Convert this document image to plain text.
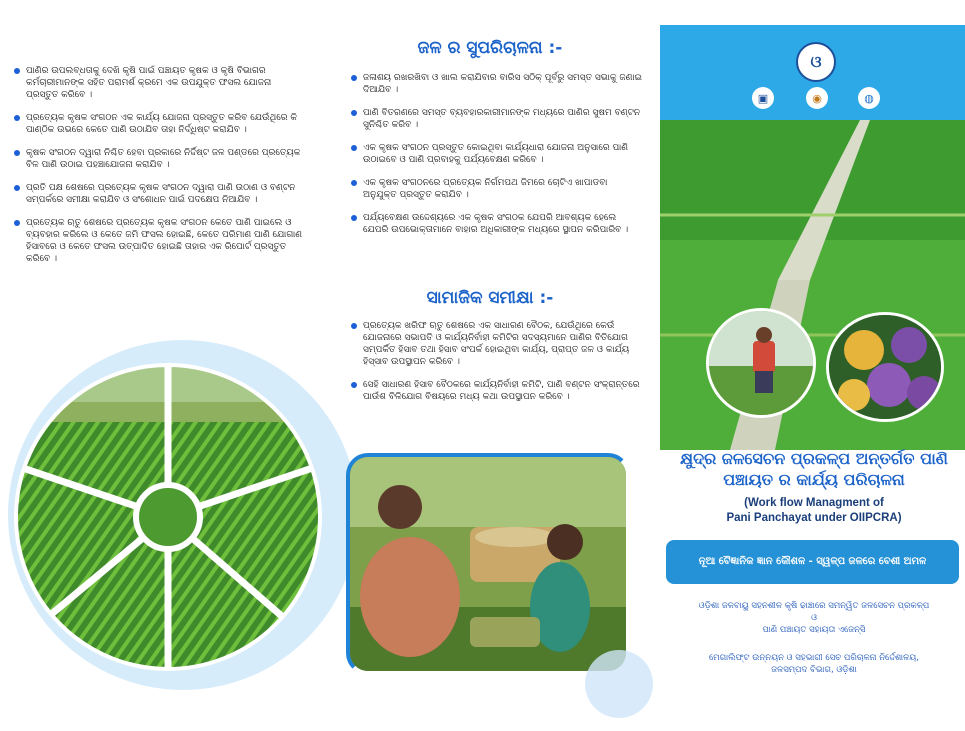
ପାଣିର ଉପଲବ୍ଧତାକୁ ଦେଖି କୃଷି ପାଇଁ ପଞ୍ଚାୟତ କୃଷକ ଓ କୃଷି ବିଭାଗର କର୍ମଚାରୀମାନଙ୍କ ସହିତ ପରାମର୍ଶ କ୍ରମେ ଏକ ଉପଯୁକ୍ତ ଫସଲ ଯୋଜନା ପ୍ରସ୍ତୁତ କରିବେ ।
ପ୍ରତ୍ୟେକ କୃଷକ ସଂଗଠନ ଏକ କାର୍ଯ୍ୟ ଯୋଜନା ପ୍ରସ୍ତୁତ କରିବ ଯେଉଁଥିରେ କି ପାଣ୍ଠିକ ଉଭରେ କେତେ ପାଣି ଉଠାଯିବ ତାହା ନିର୍ଦ୍ଧିଷ୍ଟ କରାଯିବ ।
କୃଷକ ସଂଗଠନ ଦ୍ୱାରା ନିଶ୍ଚିତ ହେବା ପ୍ରକାରେ ନିର୍ଦ୍ଦିଷ୍ଟ ଜଳ ପଣ୍ଡରେ ପ୍ରତ୍ୟେକ ବିଳ ପାଣି ଉଠାଇ ପହଞ୍ଚାଯୋଜନା କରାଯିବ ।
ପ୍ରତି ପକ୍ଷ ଶେଷରେ ପ୍ରତ୍ୟେକ କୃଷକ ସଂଗଠନ ଦ୍ୱାରା ପାଣି ଉଠାଣ ଓ ବଣ୍ଟନ ସମ୍ପର୍କରେ ସମୀକ୍ଷା କରାଯିବ ଓ ସଂଶୋଧନ ପାଇଁ ପଦକ୍ଷେପ ନିଆଯିବ ।
ପ୍ରତ୍ୟେକ ଋତୁ ଶେଷରେ ପ୍ରତ୍ୟେକ କୃଷକ ସଂଗଠନ କେତେ ପାଣି ପାଇଲେ ଓ ବ୍ୟବହାର କରିଲେ ଓ କେତେ ଜମି ଫସଲ ହୋଇଛି, କେତେ ପରିମାଣ ପାଣି ଯୋଗାଣ ହିସାବରେ ଓ କେତେ ଫସଲ ଉତ୍ପାଦିତ ହୋଇଛି ତାହାର ଏକ ରିପୋର୍ଟ ପ୍ରସ୍ତୁତ କରିବେ ।
ଜଳ ର ସୁପରିଚାଳନା :-
ଜଳାଶୟ ରଖରଖିବା ଓ ଖାଲ କରାଯିବାର ବାରିସ ସଠିକ୍ ପୂର୍ବରୁ ସମସ୍ତ ସଭାକୁ ଜଣାଇ ଦିଆଯିବ ।
ପାଣି ବିତରଣରେ ସମସ୍ତ ବ୍ୟବହାରକାରୀମାନଙ୍କ ମଧ୍ୟରେ ପାଣିର ସୁଷମ ବଣ୍ଟନ ସୁନିଶ୍ଚିତ କରିବ ।
ଏକ କୃଷକ ସଂଗଠନ ପ୍ରସ୍ତୁତ କୋଇଥିବା କାର୍ଯ୍ୟଧାରା ଯୋଜନା ଅନୁସାରେ ପାଣି ଉଠାଇବେ ଓ ପାଣି ପ୍ରବାହକୁ ପର୍ଯ୍ୟବେକ୍ଷଣ କରିବେ ।
ଏକ କୃଷକ ସଂଗଠନରେ ପ୍ରତ୍ୟେକ ନିର୍ଗମପଥ ଜିମରେ ଚୋଟିଏ ଖାପାଡବା ଅନୁଯୁକ୍ତ ପ୍ରସ୍ତୁତ କରାଯିବ ।
ପର୍ଯ୍ୟବେକ୍ଷଣ ଉଦ୍ଦେଶ୍ୟରେ ଏକ କୃଷକ ସଂଗଠକ ଯେପରି ଆବଶ୍ୟକ ହେଲେ ଯେପରି ଉପଭୋକ୍ତାମାନେ ବାହାର ଅଧିକାରୀଙ୍କ ମଧ୍ୟରେ ସ୍ଥାପନ କରିପାରିବ ।
ସାମାଜିକ ସମୀକ୍ଷା :-
ପ୍ରତ୍ୟେକ ଖରିଫ ଋତୁ ଶେଷରେ ଏକ ସାଧାରଣ ବୈଠକ, ଯେଉଁଥିରେ କେଉଁ ଯୋଜନାରେ ସଭାପତି ଓ କାର୍ଯ୍ୟନିର୍ବାହୀ କମିଟିର ସଦସ୍ୟମାନେ ପାଣିର ବିତିଯୋଗ ସମ୍ପର୍କିତ ହିସାବ ତଥା ହିସାବ ସଂପର୍କ ହୋଇଥିବା କାର୍ଯ୍ୟ, ପ୍ରାପ୍ତ ଜଳ ଓ କାର୍ଯ୍ୟ ହିସ୍ସାବ ଉପସ୍ଥାପନ କରିବେ ।
ସେହି ସାଧାରଣ ହିସାବ ବୈଠକରେ କାର୍ଯ୍ୟନିର୍ବାହୀ କମିଟି, ପାଣି ବଣ୍ଟନ ସଂକ୍ରାନ୍ତରେ ପାଉଁଶ ବିଳିଯୋଗ ବିଷୟରେ ମଧ୍ୟ କଥା ଉପସ୍ଥାପନ କରିବେ ।
ଓ
▣	◉	◍
କ୍ଷୁଦ୍ର ଜଳସେଚନ ପ୍ରକଳ୍ପ ଅନ୍ତର୍ଗତ ପାଣି ପଞ୍ଚାୟତ ର କାର୍ଯ୍ୟ ପରିଚାଳନା
(Work flow Managment of
Pani Panchayat under OIIPCRA)
ନୂଆ ବୈଜ୍ଞାନିକ ଜ୍ଞାନ କୌଶଳ - ସ୍ୱଳ୍ପ ଜଳରେ ବେଶୀ ଅମଳ
ଓଡ଼ିଶା ଜଳବାୟୁ ସହନଶୀଳ କୃଷି ଢାଞ୍ଚାରେ ସମନ୍ୱିତ ଜଳସେଚନ ପ୍ରକଳ୍ପ
ଓ
ପାଣି ପଞ୍ଚାୟତ ସହାୟତା ଏଜେନ୍ସି
ମେଗାଲିଫ୍ଟ ଉନ୍ନୟନ ଓ ସହଭାଗୀ ସେଚ ପରିଚାଳନା ନିର୍ଦ୍ଦେଶାଳୟ,
ଜଳସମ୍ପଦ ବିଭାଗ, ଓଡ଼ିଶା
